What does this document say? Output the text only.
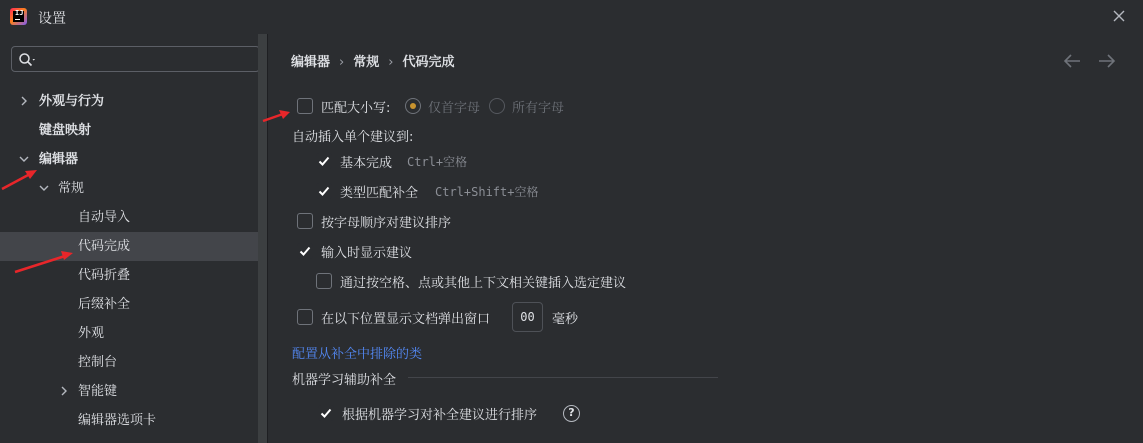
IJ 设置
外观与行为
键盘映射
编辑器
常规
自动导入
代码完成
代码折叠
后缀补全
外观
控制台
智能键
编辑器选项卡
编辑器 › 常规 › 代码完成
匹配大小写:	仅首字母 所有字母
自动插入单个建议到:
基本完成 Ctrl+空格
类型匹配补全 Ctrl+Shift+空格
按字母顺序对建议排序
输入时显示建议
通过按空格、点或其他上下文相关键插入选定建议
在以下位置显示文档弹出窗口	00	毫秒
配置从补全中排除的类
机器学习辅助补全
根据机器学习对补全建议进行排序	?
